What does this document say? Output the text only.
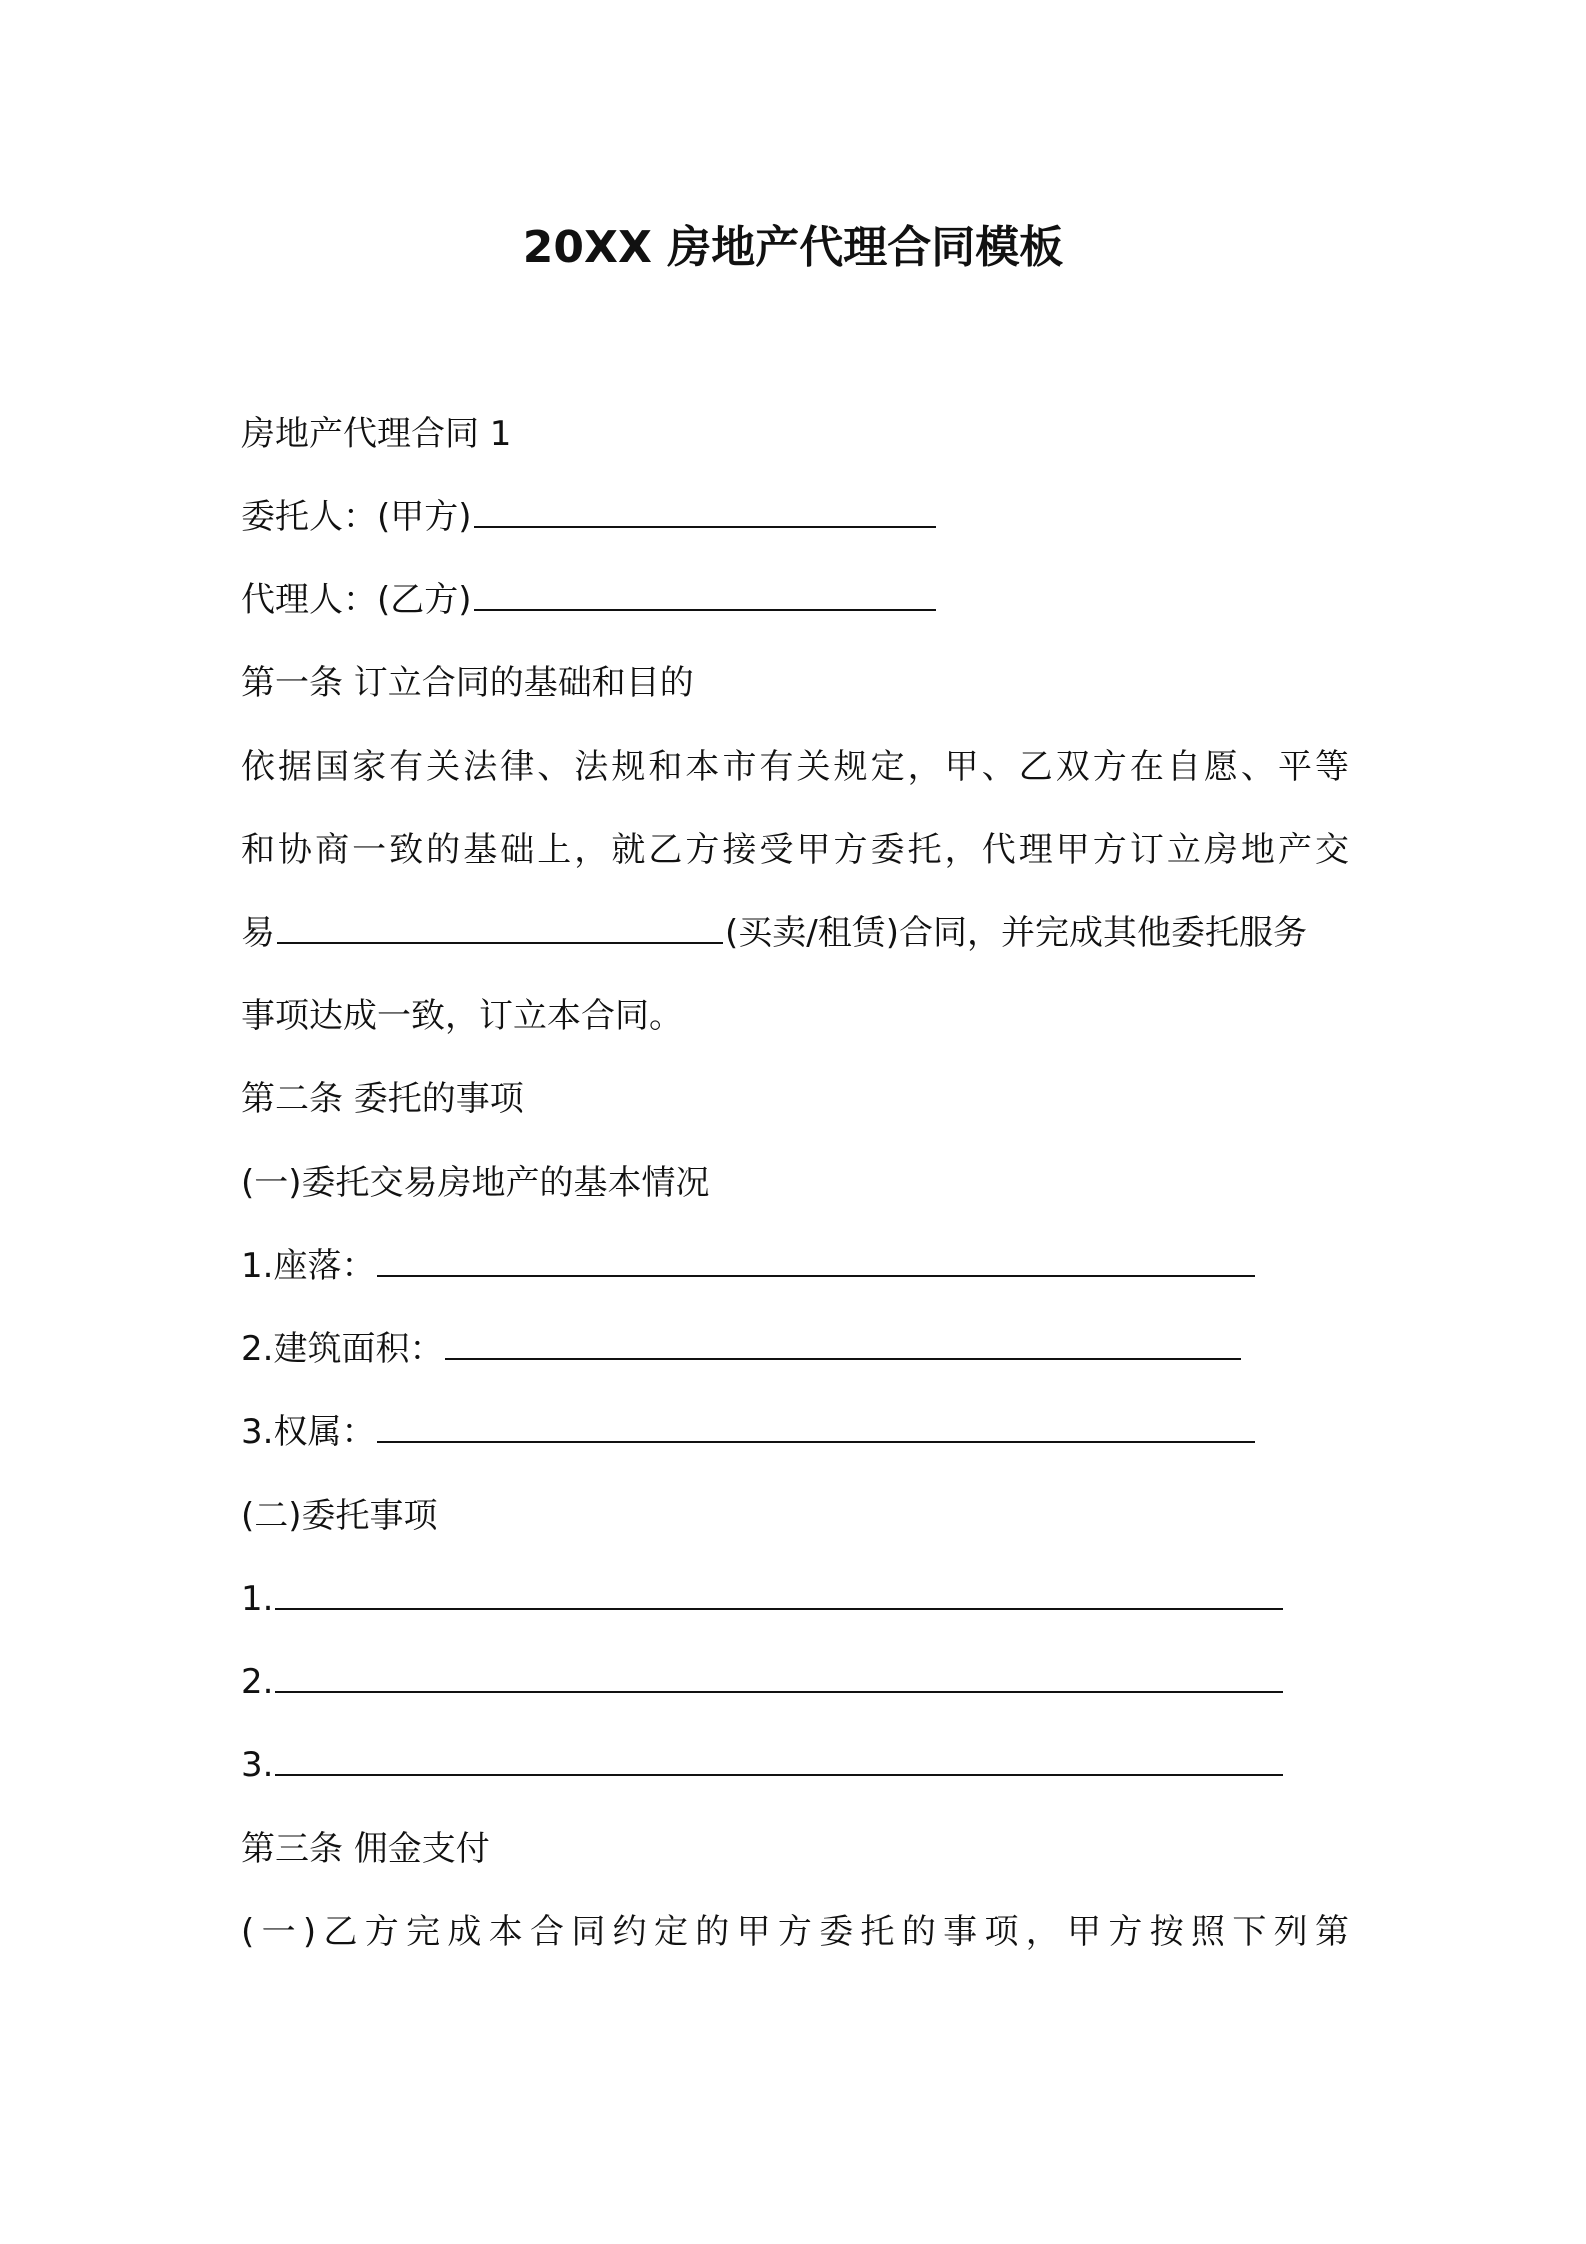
20XX 房地产代理合同模板
房地产代理合同 1
委托人：(甲方)
代理人：(乙方)
第一条 订立合同的基础和目的
依据国家有关法律、法规和本市有关规定，甲、乙双方在自愿、平等
和协商一致的基础上，就乙方接受甲方委托，代理甲方订立房地产交
易	(买卖/租赁)合同，并完成其他委托服务
事项达成一致，订立本合同。
第二条 委托的事项
(一)委托交易房地产的基本情况
1.座落：
2.建筑面积：
3.权属：
(二)委托事项
1.
2.
3.
第三条 佣金支付
(一)乙方完成本合同约定的甲方委托的事项，甲方按照下列第
